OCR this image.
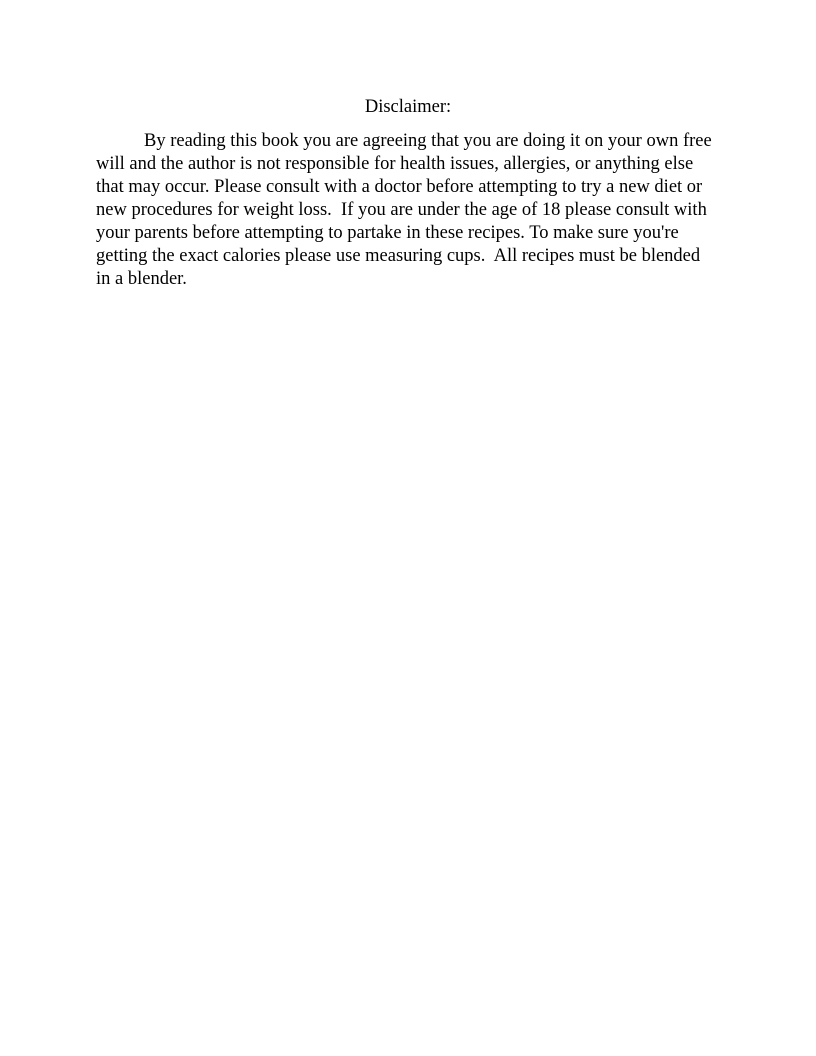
Disclaimer:

By reading this book you are agreeing that you are doing it on your own free
will and the author is not responsible for health issues, allergies, or anything else
that may occur. Please consult with a doctor before attempting to try a new diet or
new procedures for weight loss.  If you are under the age of 18 please consult with
your parents before attempting to partake in these recipes. To make sure you're
getting the exact calories please use measuring cups.  All recipes must be blended
in a blender.
